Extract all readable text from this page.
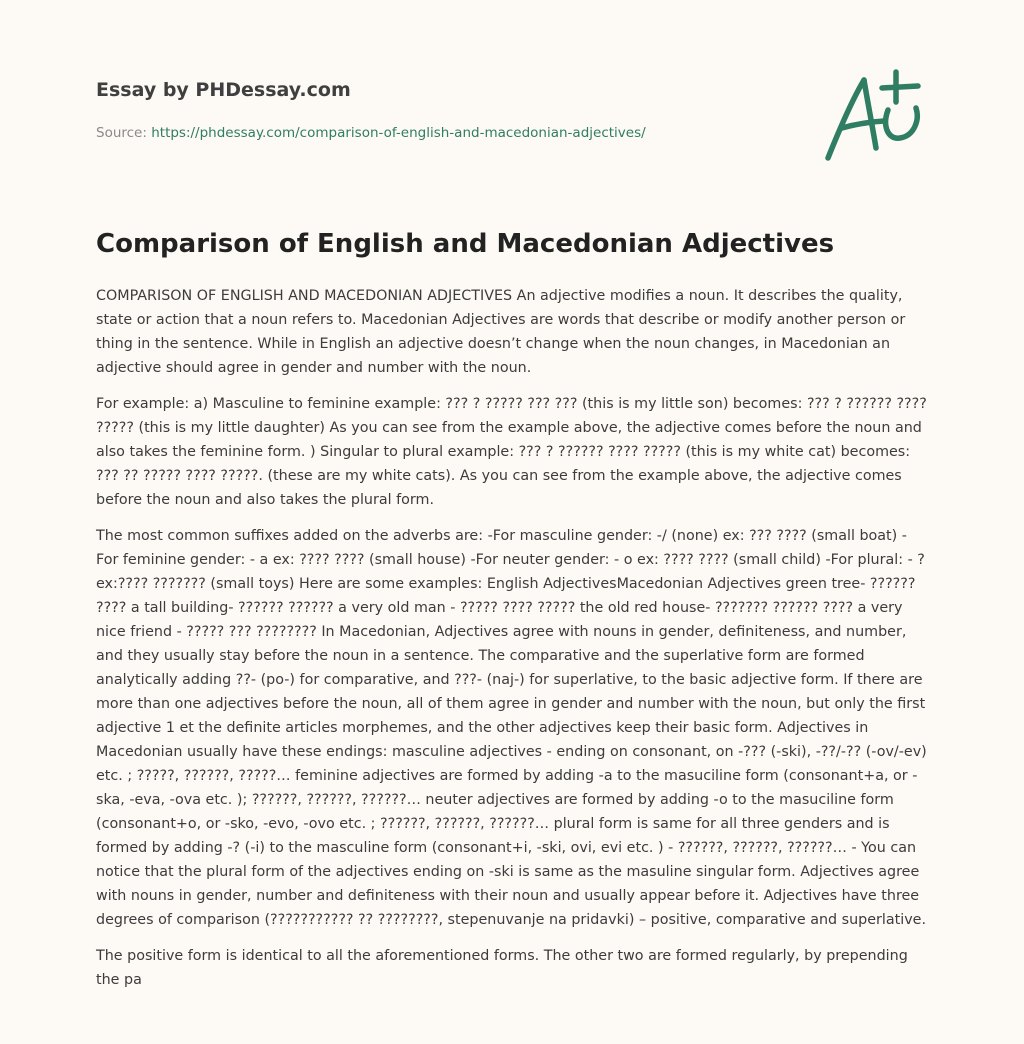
Essay by PHDessay.com
Source: https://phdessay.com/comparison-of-english-and-macedonian-adjectives/
Comparison of English and Macedonian Adjectives

COMPARISON OF ENGLISH AND MACEDONIAN ADJECTIVES An adjective modifies a noun. It describes the quality, state or action that a noun refers to. Macedonian Adjectives are words that describe or modify another person or thing in the sentence. While in English an adjective doesn’t change when the noun changes, in Macedonian an adjective should agree in gender and number with the noun.

For example: a) Masculine to feminine example: ??? ? ????? ??? ??? (this is my little son) becomes: ??? ? ?????? ???? ????? (this is my little daughter) As you can see from the example above, the adjective comes before the noun and also takes the feminine form. ) Singular to plural example: ??? ? ?????? ???? ????? (this is my white cat) becomes: ??? ?? ????? ???? ?????. (these are my white cats). As you can see from the example above, the adjective comes before the noun and also takes the plural form.

The most common suffixes added on the adverbs are: -For masculine gender: -/ (none) ex: ??? ???? (small boat) -For feminine gender: - a ex: ???? ???? (small house) -For neuter gender: - o ex: ???? ???? (small child) -For plural: - ? ex:???? ??????? (small toys) Here are some examples: English AdjectivesMacedonian Adjectives green tree- ?????? ???? a tall building- ?????? ?????? a very old man - ????? ???? ????? the old red house- ??????? ?????? ???? a very nice friend - ????? ??? ???????? In Macedonian, Adjectives agree with nouns in gender, definiteness, and number, and they usually stay before the noun in a sentence. The comparative and the superlative form are formed analytically adding ??- (po-) for comparative, and ???- (naj-) for superlative, to the basic adjective form. If there are more than one adjectives before the noun, all of them agree in gender and number with the noun, but only the first adjective 1 et the definite articles morphemes, and the other adjectives keep their basic form. Adjectives in Macedonian usually have these endings: masculine adjectives - ending on consonant, on -??? (-ski), -??/-?? (-ov/-ev) etc. ; ?????, ??????, ?????… feminine adjectives are formed by adding -a to the masuciline form (consonant+a, or -ska, -eva, -ova etc. ); ??????, ??????, ??????… neuter adjectives are formed by adding -o to the masuciline form (consonant+o, or -sko, -evo, -ovo etc. ; ??????, ??????, ??????… plural form is same for all three genders and is formed by adding -? (-i) to the masculine form (consonant+i, -ski, ovi, evi etc. ) - ??????, ??????, ??????… - You can notice that the plural form of the adjectives ending on -ski is same as the masuline singular form. Adjectives agree with nouns in gender, number and definiteness with their noun and usually appear before it. Adjectives have three degrees of comparison (??????????? ?? ????????, stepenuvanje na pridavki) – positive, comparative and superlative.

The positive form is identical to all the aforementioned forms. The other two are formed regularly, by prepending the pa
